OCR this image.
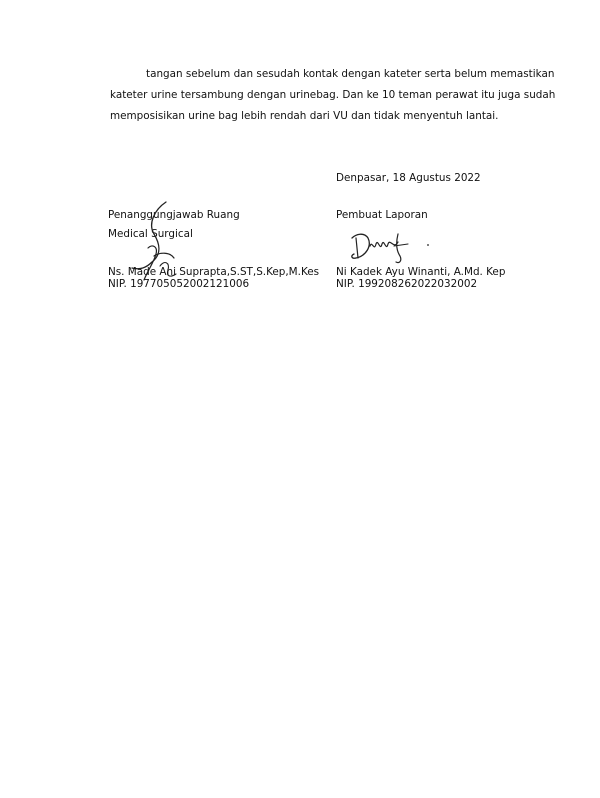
tangan sebelum dan sesudah kontak dengan kateter serta belum memastikan
kateter urine tersambung dengan urinebag. Dan ke 10 teman perawat itu juga sudah
memposisikan urine bag lebih rendah dari VU dan tidak menyentuh lantai.
Denpasar, 18 Agustus 2022
Penanggungjawab Ruang
Medical Surgical
Ns. Made Ani Suprapta,S.ST,S.Kep,M.Kes
NIP. 197705052002121006
Pembuat Laporan
Ni Kadek Ayu Winanti, A.Md. Kep
NIP. 199208262022032002
